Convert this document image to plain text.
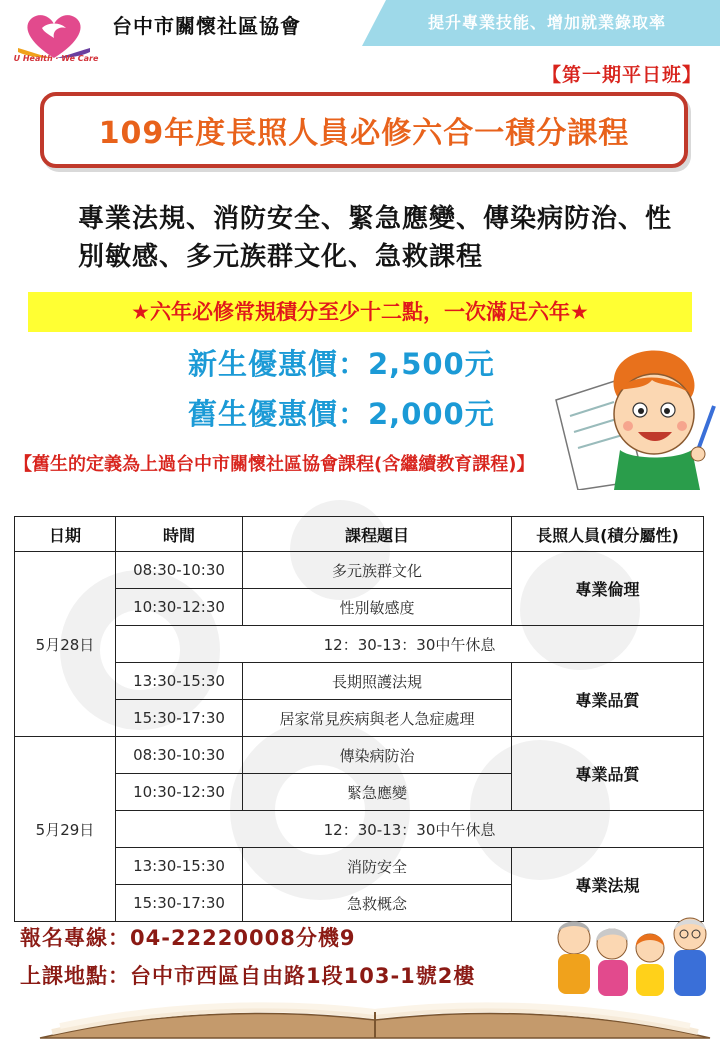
U Health · We Care
台中市關懷社區協會	提升專業技能、增加就業錄取率
【第一期平日班】
109年度長照人員必修六合一積分課程
專業法規、消防安全、緊急應變、傳染病防治、性別敏感、多元族群文化、急救課程
★六年必修常規積分至少十二點，一次滿足六年★
新生優惠價：2,500元
舊生優惠價：2,000元
【舊生的定義為上過台中市關懷社區協會課程(含繼續教育課程)】
日期	時間	課程題目	長照人員(積分屬性)
5月28日	08:30-10:30	多元族群文化	專業倫理
	10:30-12:30	性別敏感度	
	12：30-13：30中午休息		
	13:30-15:30	長期照護法規	專業品質
	15:30-17:30	居家常見疾病與老人急症處理	
5月29日	08:30-10:30	傳染病防治	專業品質
	10:30-12:30	緊急應變	
	12：30-13：30中午休息		
	13:30-15:30	消防安全	專業法規
	15:30-17:30	急救概念	
報名專線：04-22220008分機9
上課地點：台中市西區自由路1段103-1號2樓
